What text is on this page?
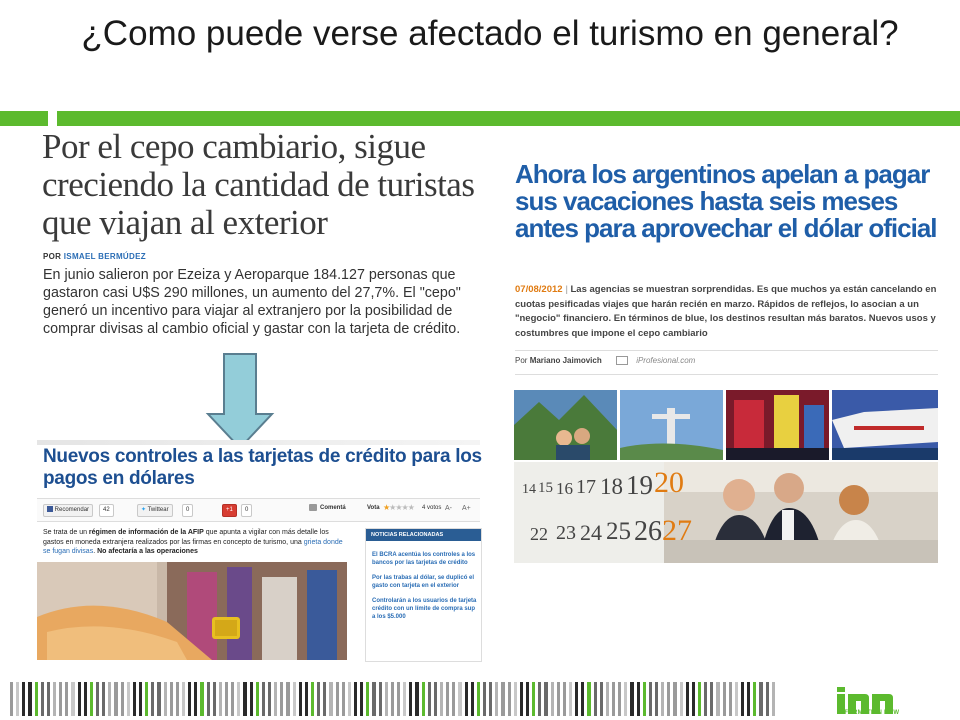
¿Como puede verse afectado el turismo en general?
Por el cepo cambiario, sigue creciendo la cantidad de turistas que viajan al exterior
POR ISMAEL BERMÚDEZ
En junio salieron por Ezeiza y Aeroparque 184.127 personas que gastaron casi U$S 290 millones, un aumento del 27,7%. El "cepo" generó un incentivo para viajar al extranjero por la posibilidad de comprar divisas al cambio oficial y gastar con la tarjeta de crédito.
Nuevos controles a las tarjetas de crédito para los pagos en dólares
Recomendar	42	✦ Twittear	0	+1	0	Comentá	Vota ★★★★★ 4 votos A- A+
Se trata de un régimen de información de la AFIP que apunta a vigilar con más detalle los gastos en moneda extranjera realizados por las firmas en concepto de turismo, una grieta donde se fugan divisas. No afectaría a las operaciones
NOTICIAS RELACIONADAS
El BCRA acentúa los controles a los bancos por las tarjetas de crédito
Por las trabas al dólar, se duplicó el gasto con tarjeta en el exterior
Controlarán a los usuarios de tarjeta crédito con un límite de compra sup a los $5.000
Ahora los argentinos apelan a pagar sus vacaciones hasta seis meses antes para aprovechar el dólar oficial
07/08/2012 | Las agencias se muestran sorprendidas. Es que muchos ya están cancelando en cuotas pesificadas viajes que harán recién en marzo. Rápidos de reflejos, lo asocian a un "negocio" financiero. En términos de blue, los destinos resultan más baratos. Nuevos usos y costumbres que impone el cepo cambiario
Por Mariano Jaimovich	iProfesional.com
14 15 16 17 18 19 20
22 23 24 25 26 27
INFORMATION NOW
